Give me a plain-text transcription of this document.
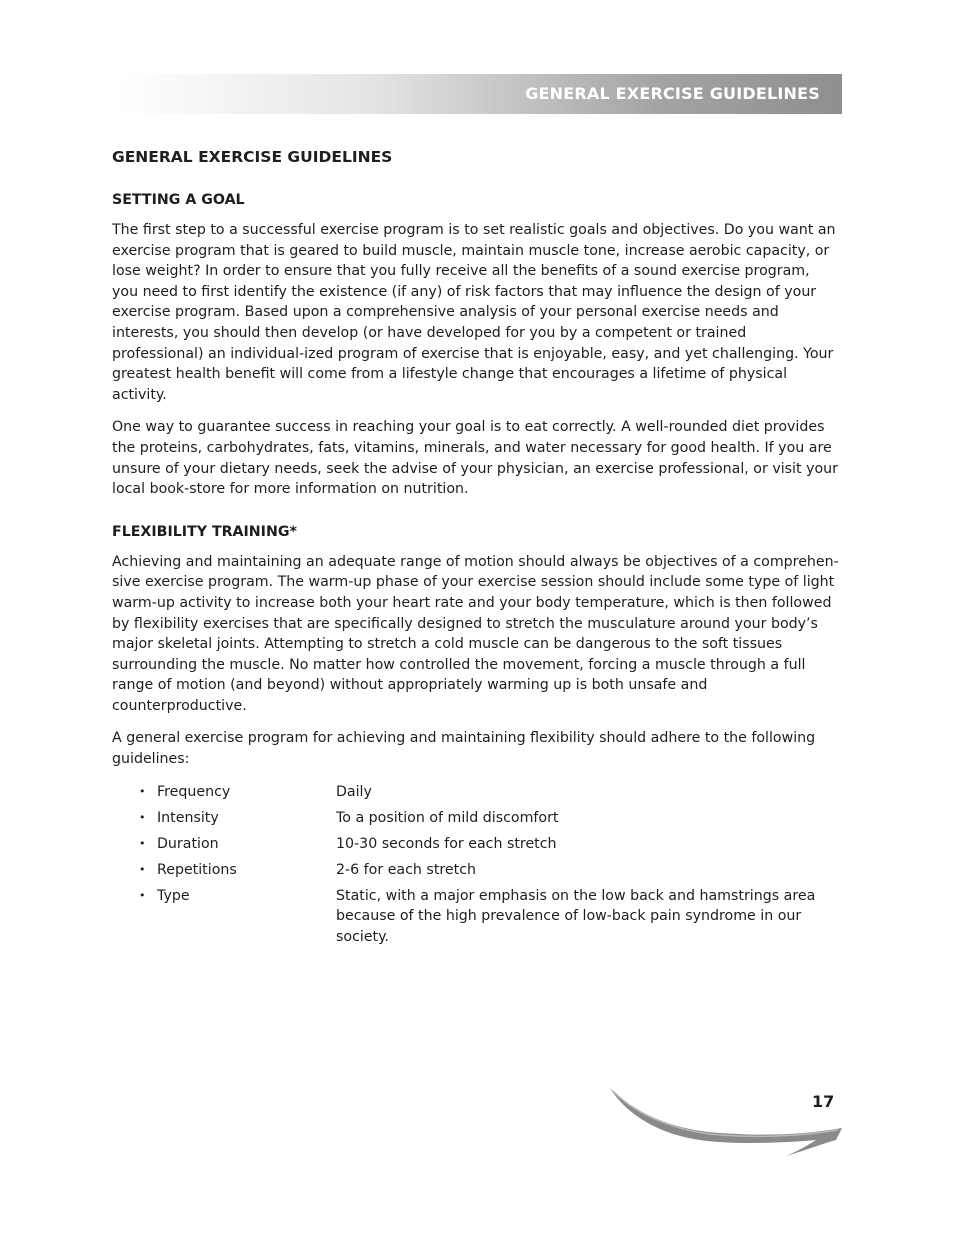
GENERAL EXERCISE GUIDELINES
GENERAL EXERCISE GUIDELINES
SETTING A GOAL

The first step to a successful exercise program is to set realistic goals and objectives. Do you want an exercise program that is geared to build muscle, maintain muscle tone, increase aerobic capacity, or lose weight? In order to ensure that you fully receive all the benefits of a sound exercise program, you need to first identify the existence (if any) of risk factors that may influence the design of your exercise program. Based upon a comprehensive analysis of your personal exercise needs and interests, you should then develop (or have developed for you by a competent or trained professional) an individual-ized program of exercise that is enjoyable, easy, and yet challenging. Your greatest health benefit will come from a lifestyle change that encourages a lifetime of physical activity.

One way to guarantee success in reaching your goal is to eat correctly. A well-rounded diet provides the proteins, carbohydrates, fats, vitamins, minerals, and water necessary for good health. If you are unsure of your dietary needs, seek the advise of your physician, an exercise professional, or visit your local book-store for more information on nutrition.

FLEXIBILITY TRAINING*

Achieving and maintaining an adequate range of motion should always be objectives of a comprehen-sive exercise program. The warm-up phase of your exercise session should include some type of light warm-up activity to increase both your heart rate and your body temperature, which is then followed by flexibility exercises that are specifically designed to stretch the musculature around your body’s major skeletal joints. Attempting to stretch a cold muscle can be dangerous to the soft tissues surrounding the muscle. No matter how controlled the movement, forcing a muscle through a full range of motion (and beyond) without appropriately warming up is both unsafe and counterproductive.

A general exercise program for achieving and maintaining flexibility should adhere to the following guidelines:

• Frequency	Daily
• Intensity	To a position of mild discomfort
• Duration	10-30 seconds for each stretch
• Repetitions	2-6 for each stretch
• Type	Static, with a major emphasis on the low back and hamstrings area because of the high prevalence of low-back pain syndrome in our society.
17
